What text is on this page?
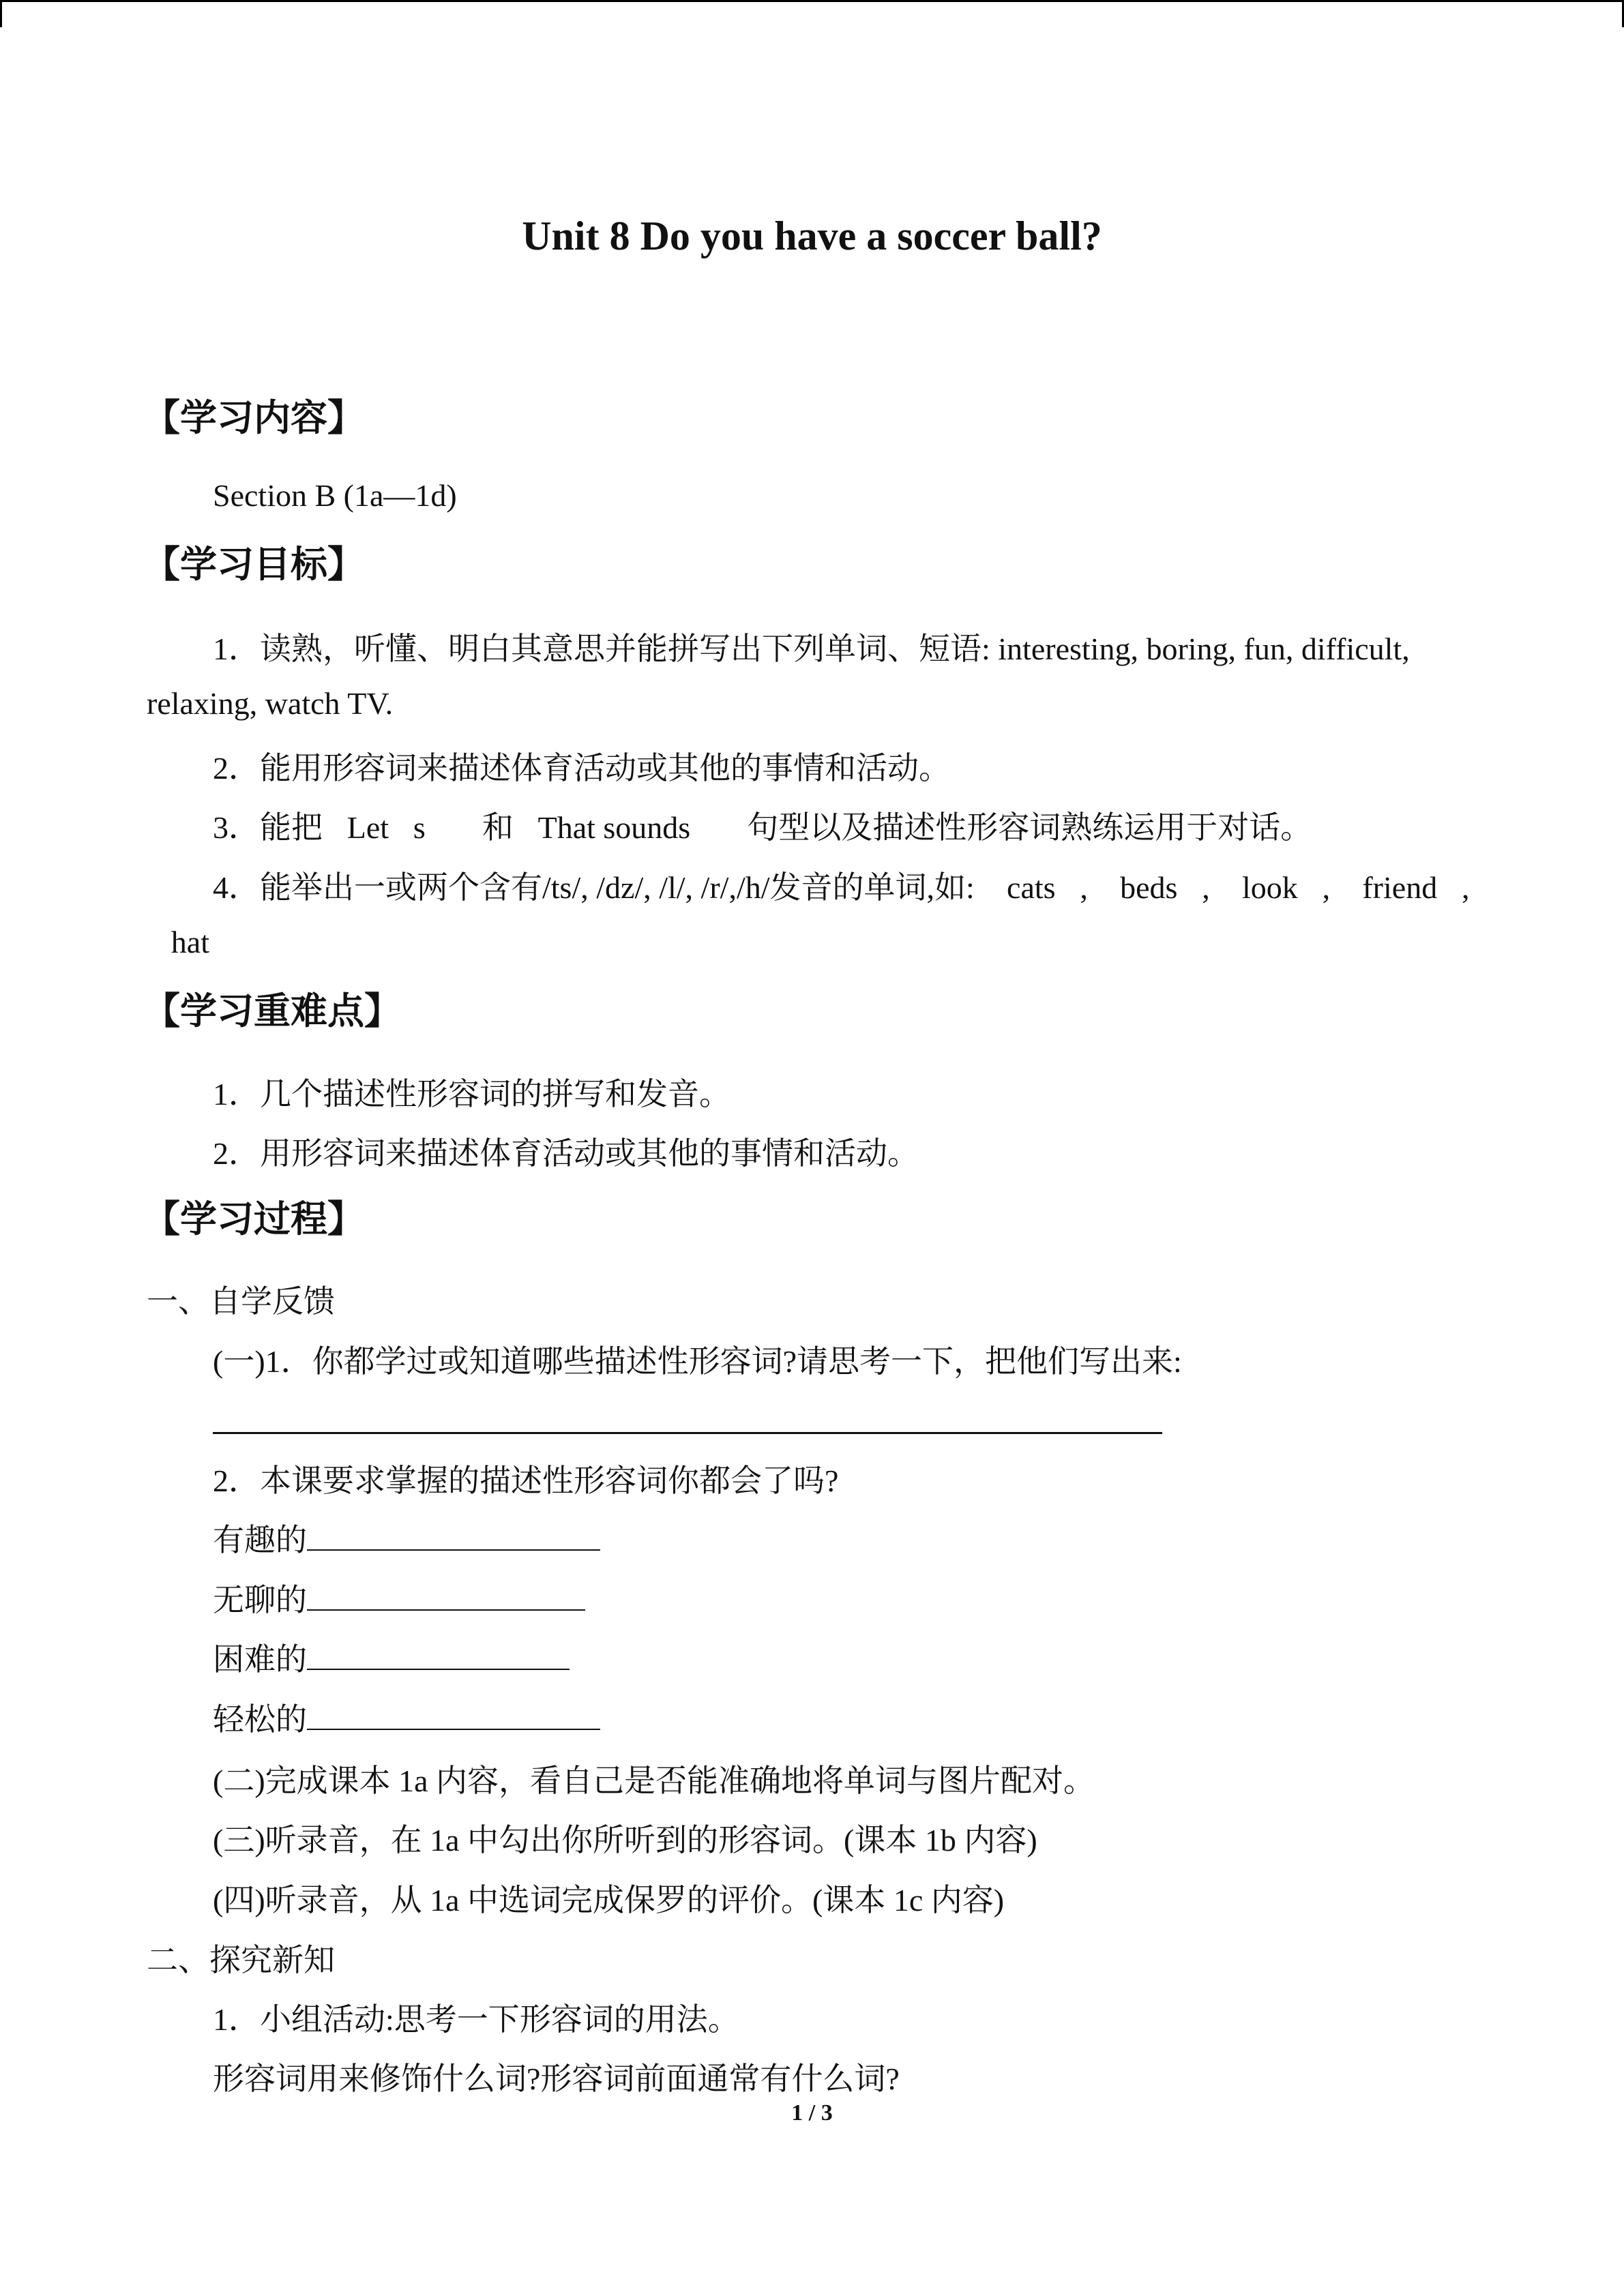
Unit 8 Do you have a soccer ball?
【学习内容】
Section B (1a—1d)
【学习目标】
1．读熟，听懂、明白其意思并能拼写出下列单词、短语: interesting, boring, fun, difficult,
relaxing, watch TV.
2．能用形容词来描述体育活动或其他的事情和活动。
3．能把 Let s   和 That sounds   句型以及描述性形容词熟练运用于对话。
4．能举出一或两个含有/ts/, /dz/, /l/, /r/,/h/发音的单词,如:  cats ,  beds ,  look ,  friend ,
 hat 
【学习重难点】
1．几个描述性形容词的拼写和发音。
2．用形容词来描述体育活动或其他的事情和活动。
【学习过程】
一、自学反馈
(一)1．你都学过或知道哪些描述性形容词?请思考一下，把他们写出来:
2．本课要求掌握的描述性形容词你都会了吗?
有趣的
无聊的
困难的
轻松的
(二)完成课本 1a 内容，看自己是否能准确地将单词与图片配对。
(三)听录音，在 1a 中勾出你所听到的形容词。(课本 1b 内容)
(四)听录音，从 1a 中选词完成保罗的评价。(课本 1c 内容)
二、探究新知
1．小组活动:思考一下形容词的用法。
形容词用来修饰什么词?形容词前面通常有什么词?
1 / 3
